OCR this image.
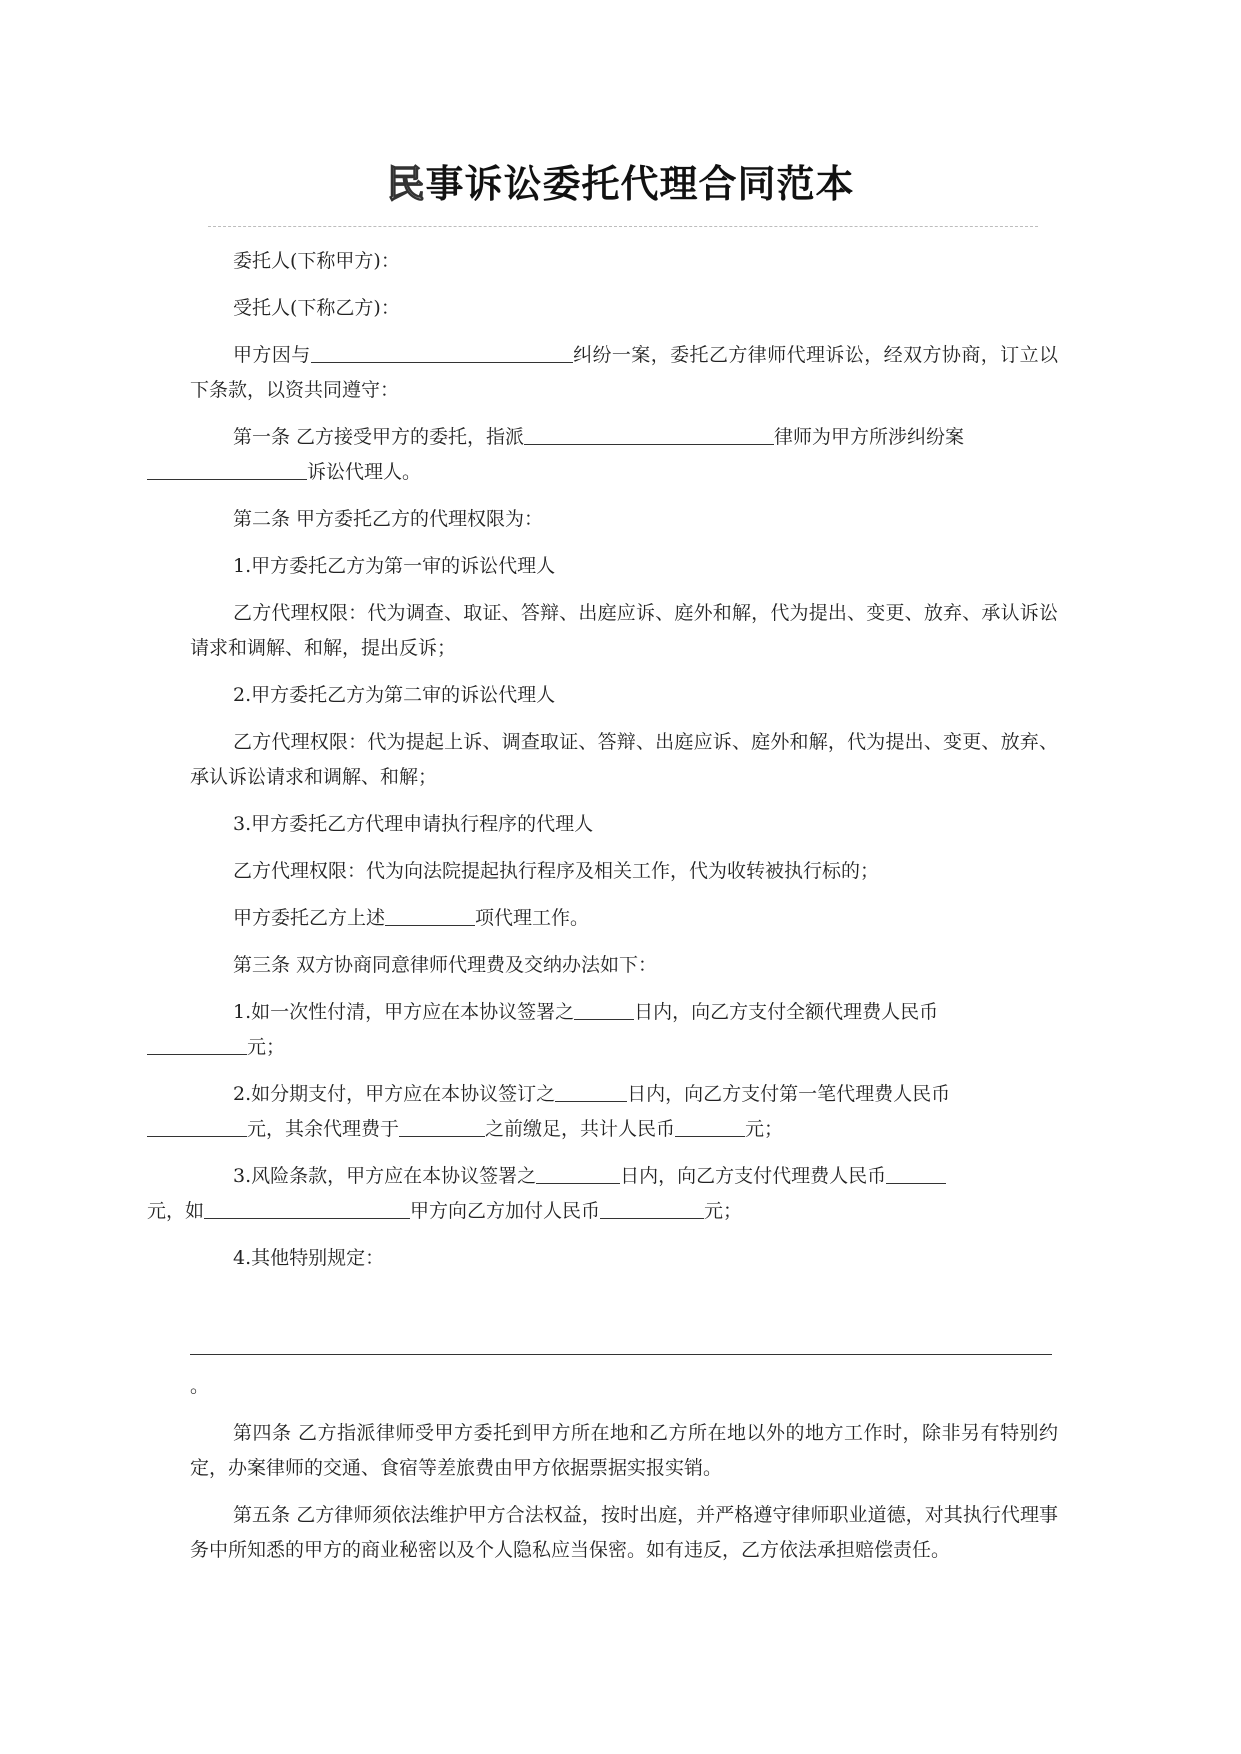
民事诉讼委托代理合同范本

委托人(下称甲方)：

受托人(下称乙方)：

甲方因与	纠纷一案，委托乙方律师代理诉讼，经双方协商，订立以下条款，以资共同遵守：

第一条 乙方接受甲方的委托，指派	律师为甲方所涉纠纷案
诉讼代理人。

第二条 甲方委托乙方的代理权限为：

1.甲方委托乙方为第一审的诉讼代理人

乙方代理权限：代为调查、取证、答辩、出庭应诉、庭外和解，代为提出、变更、放弃、承认诉讼请求和调解、和解，提出反诉；

2.甲方委托乙方为第二审的诉讼代理人

乙方代理权限：代为提起上诉、调查取证、答辩、出庭应诉、庭外和解，代为提出、变更、放弃、承认诉讼请求和调解、和解；

3.甲方委托乙方代理申请执行程序的代理人

乙方代理权限：代为向法院提起执行程序及相关工作，代为收转被执行标的；

甲方委托乙方上述	项代理工作。

第三条 双方协商同意律师代理费及交纳办法如下：

1.如一次性付清，甲方应在本协议签署之	日内，向乙方支付全额代理费人民币
元；

2.如分期支付，甲方应在本协议签订之	日内，向乙方支付第一笔代理费人民币
元，其余代理费于	之前缴足，共计人民币	元；

3.风险条款，甲方应在本协议签署之	日内，向乙方支付代理费人民币
元，如	甲方向乙方加付人民币	元；

4.其他特别规定：

。

第四条 乙方指派律师受甲方委托到甲方所在地和乙方所在地以外的地方工作时，除非另有特别约定，办案律师的交通、食宿等差旅费由甲方依据票据实报实销。

第五条 乙方律师须依法维护甲方合法权益，按时出庭，并严格遵守律师职业道德，对其执行代理事务中所知悉的甲方的商业秘密以及个人隐私应当保密。如有违反，乙方依法承担赔偿责任。
